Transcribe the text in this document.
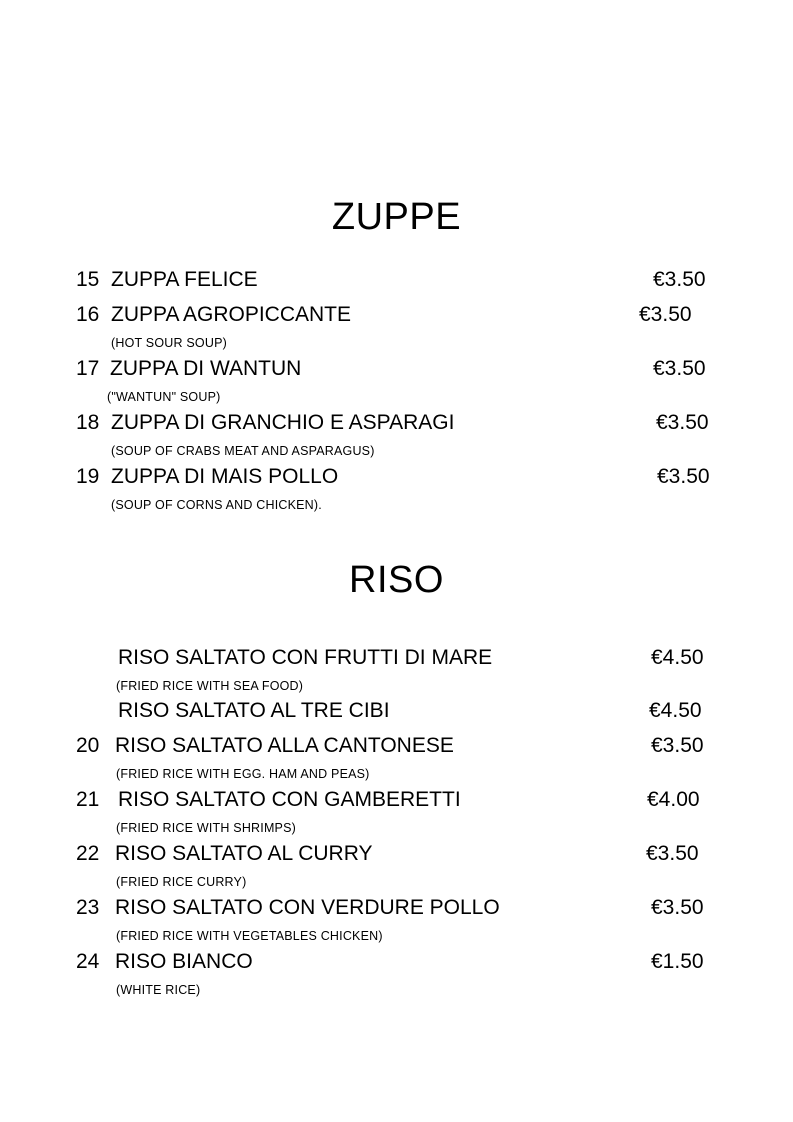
ZUPPE
15 ZUPPA FELICE	€3.50
16 ZUPPA AGROPICCANTE	€3.50
(HOT SOUR SOUP)
17 ZUPPA DI WANTUN	€3.50
("WANTUN" SOUP)
18 ZUPPA DI GRANCHIO E ASPARAGI	€3.50
(SOUP OF CRABS MEAT AND ASPARAGUS)
19 ZUPPA DI MAIS POLLO	€3.50
(SOUP OF CORNS AND CHICKEN).
RISO
RISO SALTATO CON FRUTTI DI MARE	€4.50
(FRIED RICE WITH SEA FOOD)
RISO SALTATO AL TRE CIBI	€4.50
20 RISO SALTATO ALLA CANTONESE	€3.50
(FRIED RICE WITH EGG. HAM AND PEAS)
21 RISO SALTATO CON GAMBERETTI	€4.00
(FRIED RICE WITH SHRIMPS)
22 RISO SALTATO AL CURRY	€3.50
(FRIED RICE CURRY)
23 RISO SALTATO CON VERDURE POLLO	€3.50
(FRIED RICE WITH VEGETABLES CHICKEN)
24 RISO BIANCO	€1.50
(WHITE RICE)
